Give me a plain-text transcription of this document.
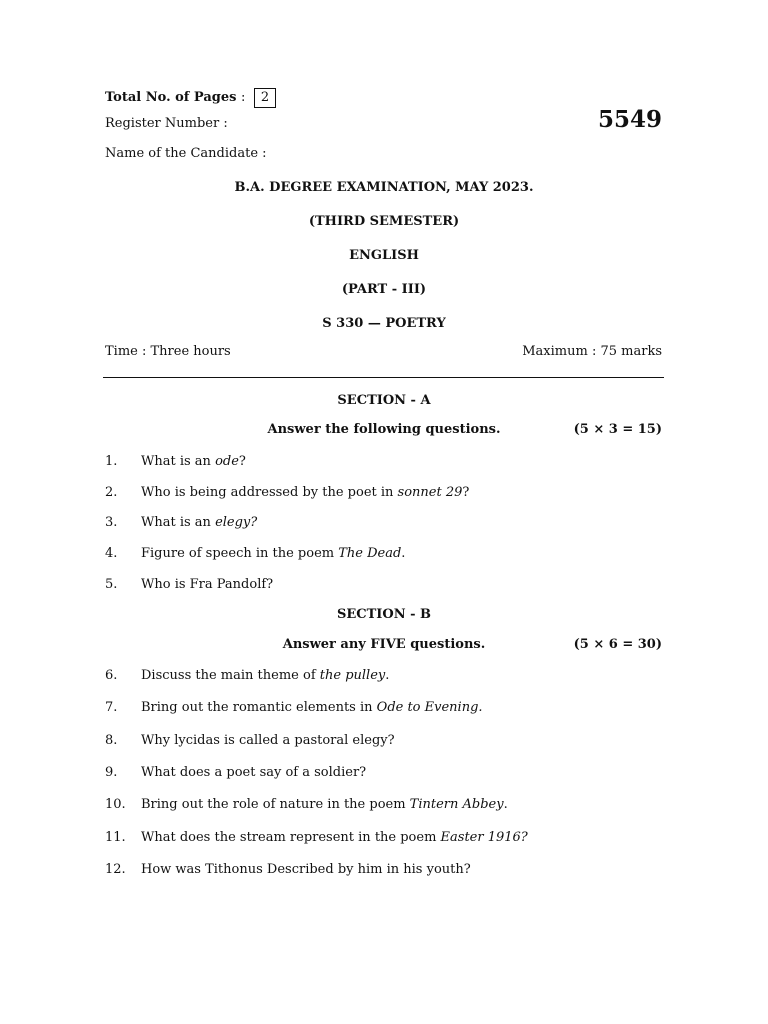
Total No. of Pages : 2
Register Number :	5549
Name of the Candidate :
B.A. DEGREE EXAMINATION, MAY 2023.
(THIRD SEMESTER)
ENGLISH
(PART - III)
S 330 — POETRY
Time : Three hours	Maximum : 75 marks
SECTION - A
Answer the following questions.	(5 × 3 = 15)
1. What is an ode?
2. Who is being addressed by the poet in sonnet 29?
3. What is an elegy?
4. Figure of speech in the poem The Dead.
5. Who is Fra Pandolf?
SECTION - B
Answer any FIVE questions.	(5 × 6 = 30)
6. Discuss the main theme of the pulley.
7. Bring out the romantic elements in Ode to Evening.
8. Why lycidas is called a pastoral elegy?
9. What does a poet say of a soldier?
10. Bring out the role of nature in the poem Tintern Abbey.
11. What does the stream represent in the poem Easter 1916?
12. How was Tithonus Described by him in his youth?
